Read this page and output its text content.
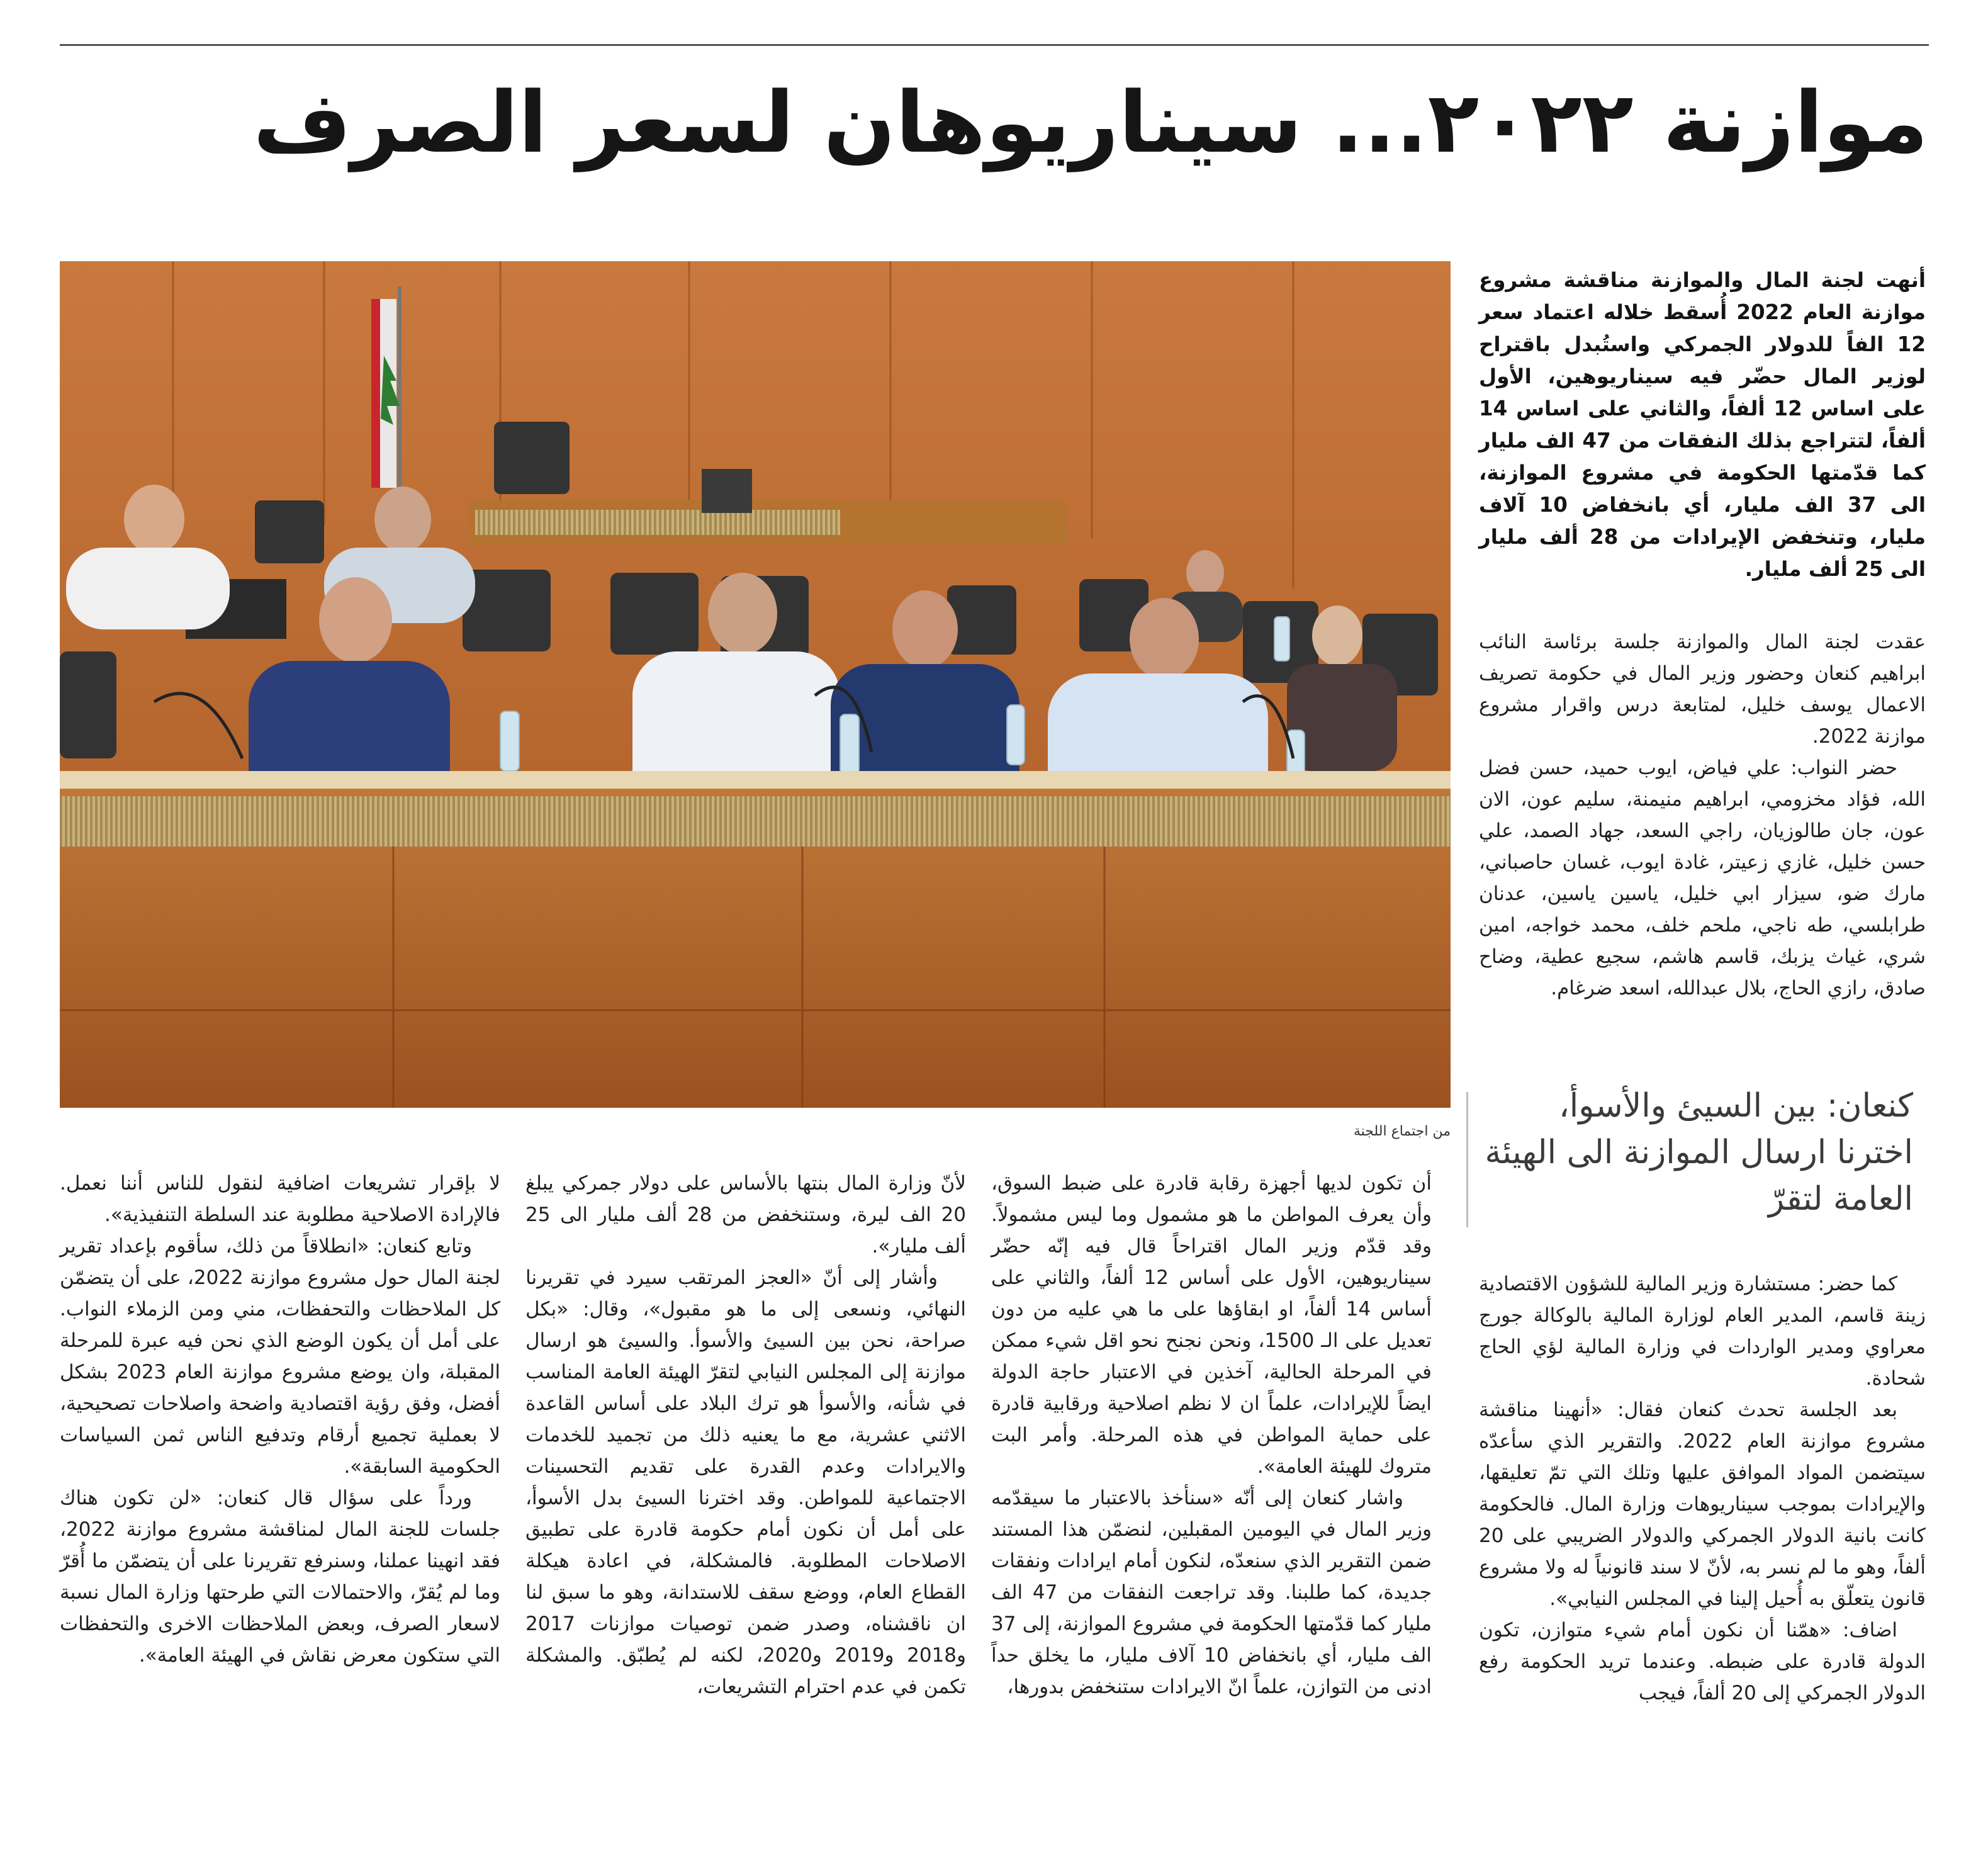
موازنة ٢٠٢٢... سيناريوهان لسعر الصرف
من اجتماع اللجنة
أنهت لجنة المال والموازنة مناقشة مشروع موازنة العام 2022 أُسقط خلاله اعتماد سعر 12 الفاً للدولار الجمركي واستُبدل باقتراح لوزير المال حضّر فيه سيناريوهين، الأول على اساس 12 ألفاً، والثاني على اساس 14 ألفاً، لتتراجع بذلك النفقات من 47 الف مليار كما قدّمتها الحكومة في مشروع الموازنة، الى 37 الف مليار، أي بانخفاض 10 آلاف مليار، وتنخفض الإيرادات من 28 ألف مليار الى 25 ألف مليار.

عقدت لجنة المال والموازنة جلسة برئاسة النائب ابراهيم كنعان وحضور وزير المال في حكومة تصريف الاعمال يوسف خليل، لمتابعة درس واقرار مشروع موازنة 2022.

حضر النواب: علي فياض، ايوب حميد، حسن فضل الله، فؤاد مخزومي، ابراهيم منيمنة، سليم عون، الان عون، جان طالوزيان، راجي السعد، جهاد الصمد، علي حسن خليل، غازي زعيتر، غادة ايوب، غسان حاصباني، مارك ضو، سيزار ابي خليل، ياسين ياسين، عدنان طرابلسي، طه ناجي، ملحم خلف، محمد خواجه، امين شري، غياث يزبك، قاسم هاشم، سجيع عطية، وضاح صادق، رازي الحاج، بلال عبدالله، اسعد ضرغام.

كنعان: بين السيئ والأسوأ، اخترنا ارسال الموازنة الى الهيئة العامة لتقرّ

كما حضر: مستشارة وزير المالية للشؤون الاقتصادية زينة قاسم، المدير العام لوزارة المالية بالوكالة جورج معراوي ومدير الواردات في وزارة المالية لؤي الحاج شحادة.

بعد الجلسة تحدث كنعان فقال: «أنهينا مناقشة مشروع موازنة العام 2022. والتقرير الذي سأعدّه سيتضمن المواد الموافق عليها وتلك التي تمّ تعليقها، والإيرادات بموجب سيناريوهات وزارة المال. فالحكومة كانت بانية الدولار الجمركي والدولار الضريبي على 20 ألفاً، وهو ما لم نسر به، لأنّ لا سند قانونياً له ولا مشروع قانون يتعلّق به أُحيل إلينا في المجلس النيابي».

اضاف: «همّنا أن نكون أمام شيء متوازن، تكون الدولة قادرة على ضبطه. وعندما تريد الحكومة رفع الدولار الجمركي إلى 20 ألفاً، فيجب

أن تكون لديها أجهزة رقابة قادرة على ضبط السوق، وأن يعرف المواطن ما هو مشمول وما ليس مشمولاً. وقد قدّم وزير المال اقتراحاً قال فيه إنّه حضّر سيناريوهين، الأول على أساس 12 ألفاً، والثاني على أساس 14 ألفاً، او ابقاؤها على ما هي عليه من دون تعديل على الـ 1500، ونحن نجنح نحو اقل شيء ممكن في المرحلة الحالية، آخذين في الاعتبار حاجة الدولة ايضاً للإيرادات، علماً ان لا نظم اصلاحية ورقابية قادرة على حماية المواطن في هذه المرحلة. وأمر البت متروك للهيئة العامة».

واشار كنعان إلى أنّه «سنأخذ بالاعتبار ما سيقدّمه وزير المال في اليومين المقبلين، لنضمّن هذا المستند ضمن التقرير الذي سنعدّه، لنكون أمام ايرادات ونفقات جديدة، كما طلبنا. وقد تراجعت النفقات من 47 الف مليار كما قدّمتها الحكومة في مشروع الموازنة، إلى 37 الف مليار، أي بانخفاض 10 آلاف مليار، ما يخلق حداً ادنى من التوازن، علماً انّ الايرادات ستنخفض بدورها،

لأنّ وزارة المال بنتها بالأساس على دولار جمركي يبلغ 20 الف ليرة، وستنخفض من 28 ألف مليار الى 25 ألف مليار».

وأشار إلى أنّ «العجز المرتقب سيرد في تقريرنا النهائي، ونسعى إلى ما هو مقبول»، وقال: «بكل صراحة، نحن بين السيئ والأسوأ. والسيئ هو ارسال موازنة إلى المجلس النيابي لتقرّ الهيئة العامة المناسب في شأنه، والأسوأ هو ترك البلاد على أساس القاعدة الاثني عشرية، مع ما يعنيه ذلك من تجميد للخدمات والايرادات وعدم القدرة على تقديم التحسينات الاجتماعية للمواطن. وقد اخترنا السيئ بدل الأسوأ، على أمل أن نكون أمام حكومة قادرة على تطبيق الاصلاحات المطلوبة. فالمشكلة، في اعادة هيكلة القطاع العام، ووضع سقف للاستدانة، وهو ما سبق لنا ان ناقشناه، وصدر ضمن توصيات موازنات 2017 و2018 و2019 و2020، لكنه لم يُطبّق. والمشكلة تكمن في عدم احترام التشريعات،

لا بإقرار تشريعات اضافية لنقول للناس أننا نعمل. فالإرادة الاصلاحية مطلوبة عند السلطة التنفيذية».

وتابع كنعان: «انطلاقاً من ذلك، سأقوم بإعداد تقرير لجنة المال حول مشروع موازنة 2022، على أن يتضمّن كل الملاحظات والتحفظات، مني ومن الزملاء النواب. على أمل أن يكون الوضع الذي نحن فيه عبرة للمرحلة المقبلة، وان يوضع مشروع موازنة العام 2023 بشكل أفضل، وفق رؤية اقتصادية واضحة واصلاحات تصحيحية، لا بعملية تجميع أرقام وتدفيع الناس ثمن السياسات الحكومية السابقة».

ورداً على سؤال قال كنعان: «لن تكون هناك جلسات للجنة المال لمناقشة مشروع موازنة 2022، فقد انهينا عملنا، وسنرفع تقريرنا على أن يتضمّن ما أُقرّ وما لم يُقرّ، والاحتمالات التي طرحتها وزارة المال نسبة لاسعار الصرف، وبعض الملاحظات الاخرى والتحفظات التي ستكون معرض نقاش في الهيئة العامة».
